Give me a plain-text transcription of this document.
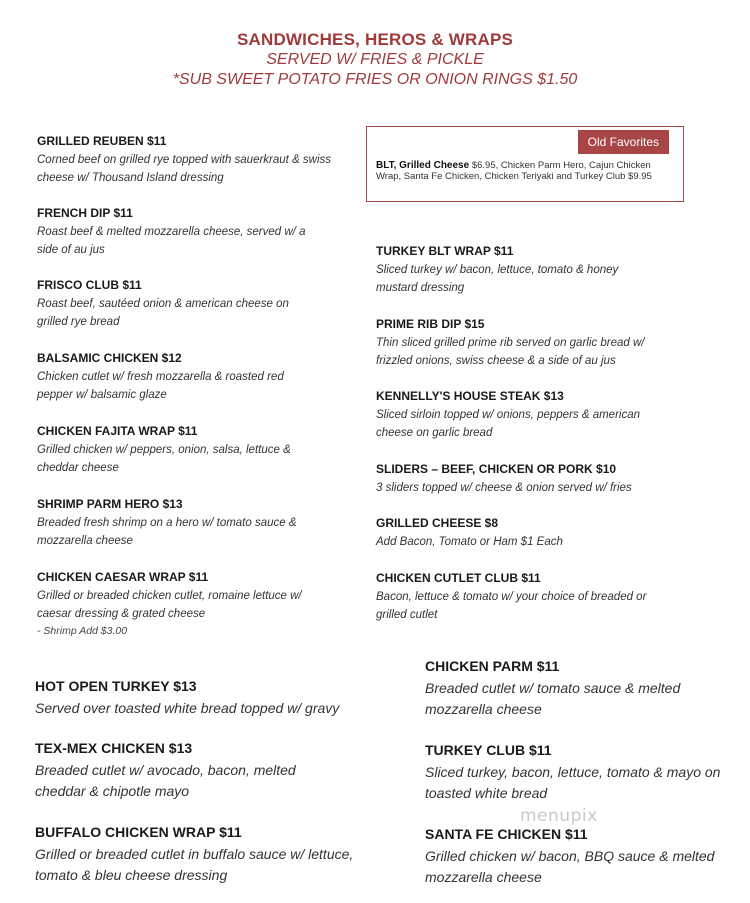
SANDWICHES, HEROS & WRAPS
SERVED W/ FRIES & PICKLE
*SUB SWEET POTATO FRIES OR ONION RINGS $1.50
Old Favorites
BLT, Grilled Cheese $6.95, Chicken Parm Hero, Cajun Chicken Wrap, Santa Fe Chicken, Chicken Teriyaki and Turkey Club $9.95
GRILLED REUBEN $11
Corned beef on grilled rye topped with sauerkraut & swiss cheese w/ Thousand Island dressing
FRENCH DIP $11
Roast beef & melted mozzarella cheese, served w/ a side of au jus
FRISCO CLUB $11
Roast beef, sautéed onion & american cheese on grilled rye bread
BALSAMIC CHICKEN $12
Chicken cutlet w/ fresh mozzarella & roasted red pepper w/ balsamic glaze
CHICKEN FAJITA WRAP $11
Grilled chicken w/ peppers, onion, salsa, lettuce & cheddar cheese
SHRIMP PARM HERO $13
Breaded fresh shrimp on a hero w/ tomato sauce & mozzarella cheese
CHICKEN CAESAR WRAP $11
Grilled or breaded chicken cutlet, romaine lettuce w/ caesar dressing & grated cheese
- Shrimp Add $3.00
TURKEY BLT WRAP $11
Sliced turkey w/ bacon, lettuce, tomato & honey mustard dressing
PRIME RIB DIP $15
Thin sliced grilled prime rib served on garlic bread w/ frizzled onions, swiss cheese & a side of au jus
KENNELLY'S HOUSE STEAK $13
Sliced sirloin topped w/ onions, peppers & american cheese on garlic bread
SLIDERS – BEEF, CHICKEN OR PORK $10
3 sliders topped w/ cheese & onion served w/ fries
GRILLED CHEESE $8
Add Bacon, Tomato or Ham $1 Each
CHICKEN CUTLET CLUB $11
Bacon, lettuce & tomato w/ your choice of breaded or grilled cutlet
HOT OPEN TURKEY $13
Served over toasted white bread topped w/ gravy
TEX-MEX CHICKEN $13
Breaded cutlet w/ avocado, bacon, melted cheddar & chipotle mayo
BUFFALO CHICKEN WRAP $11
Grilled or breaded cutlet in buffalo sauce w/ lettuce, tomato & bleu cheese dressing
CHICKEN PARM $11
Breaded cutlet w/ tomato sauce & melted mozzarella cheese
TURKEY CLUB $11
Sliced turkey, bacon, lettuce, tomato & mayo on toasted white bread
SANTA FE CHICKEN $11
Grilled chicken w/ bacon, BBQ sauce & melted mozzarella cheese
menupix
